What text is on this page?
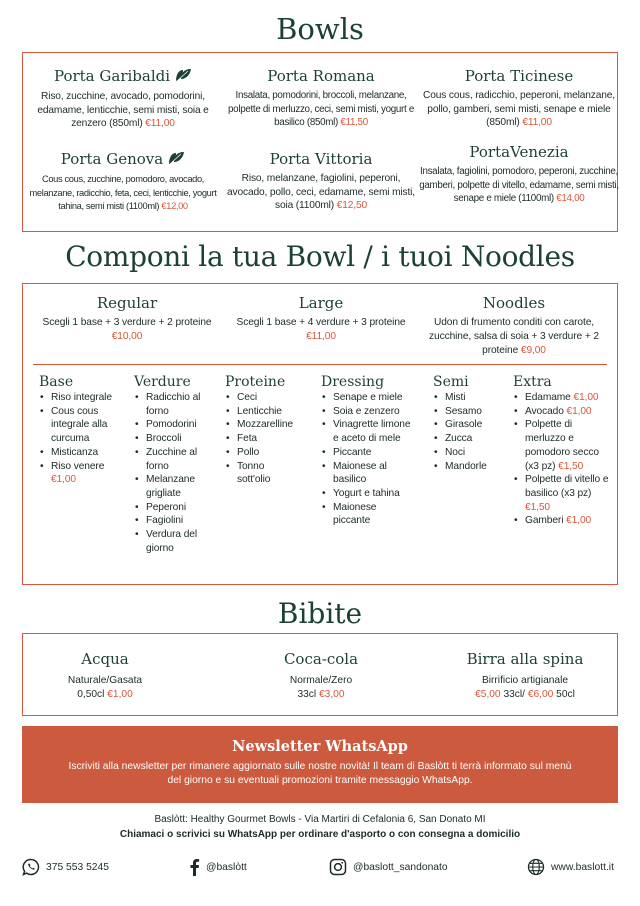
Bowls
Porta Garibaldi

Riso, zucchine, avocado, pomodorini, edamame, lenticchie, semi misti, soia e zenzero (850ml) €11,00

Porta Romana

Insalata, pomodorini, broccoli, melanzane, polpette di merluzzo, ceci, semi misti, yogurt e basilico (850ml) €11,50

Porta Ticinese

Cous cous, radicchio, peperoni, melanzane, pollo, gamberi, semi misti, senape e miele (850ml) €11,00

Porta Genova

Cous cous, zucchine, pomodoro, avocado, melanzane, radicchio, feta, ceci, lenticchie, yogurt tahina, semi misti (1100ml) €12,00

Porta Vittoria

Riso, melanzane, fagiolini, peperoni, avocado, pollo, ceci, edamame, semi misti, soia (1100ml) €12,50

PortaVenezia

Insalata, fagiolini, pomodoro, peperoni, zucchine, gamberi, polpette di vitello, edamame, semi misti, senape e miele (1100ml) €14,00

Componi la tua Bowl / i tuoi Noodles
Regular

Scegli 1 base + 3 verdure + 2 proteine

€10,00

Large

Scegli 1 base + 4 verdure + 3 proteine

€11,00

Noodles

Udon di frumento conditi con carote, zucchine, salsa di soia + 3 verdure + 2 proteine €9,00

Base
• Riso integrale
• Cous cous integrale alla curcuma
• Misticanza
• Riso venere
€1,00
Verdure
• Radicchio al forno
• Pomodorini
• Broccoli
• Zucchine al forno
• Melanzane grigliate
• Peperoni
• Fagiolini
• Verdura del giorno
Proteine
• Ceci
• Lenticchie
• Mozzarelline
• Feta
• Pollo
• Tonno sott'olio
Dressing
• Senape e miele
• Soia e zenzero
• Vinagrette limone e aceto di mele
• Piccante
• Maionese al basilico
• Yogurt e tahina
• Maionese piccante
Semi
• Misti
• Sesamo
• Girasole
• Zucca
• Noci
• Mandorle
Extra
• Edamame €1,00
• Avocado €1,00
• Polpette di merluzzo e pomodoro secco (x3 pz) €1,50
• Polpette di vitello e basilico (x3 pz) €1,50
• Gamberi €1,00
Bibite
Acqua

Naturale/Gasata

0,50cl €1,00

Coca-cola

Normale/Zero

33cl €3,00

Birra alla spina

Birrificio artigianale

€5,00 33cl/ €6,00 50cl

Newsletter WhatsApp

Iscriviti alla newsletter per rimanere aggiornato sulle nostre novità! Il team di Baslòtt ti terrà informato sul menù del giorno e su eventuali promozioni tramite messaggio WhatsApp.

Baslòtt: Healthy Gourmet Bowls - Via Martiri di Cefalonia 6, San Donato MI
Chiamaci o scrivici su WhatsApp per ordinare d'asporto o con consegna a domicilio
375 553 5245	@baslòtt	@baslott_sandonato	www.baslott.it
